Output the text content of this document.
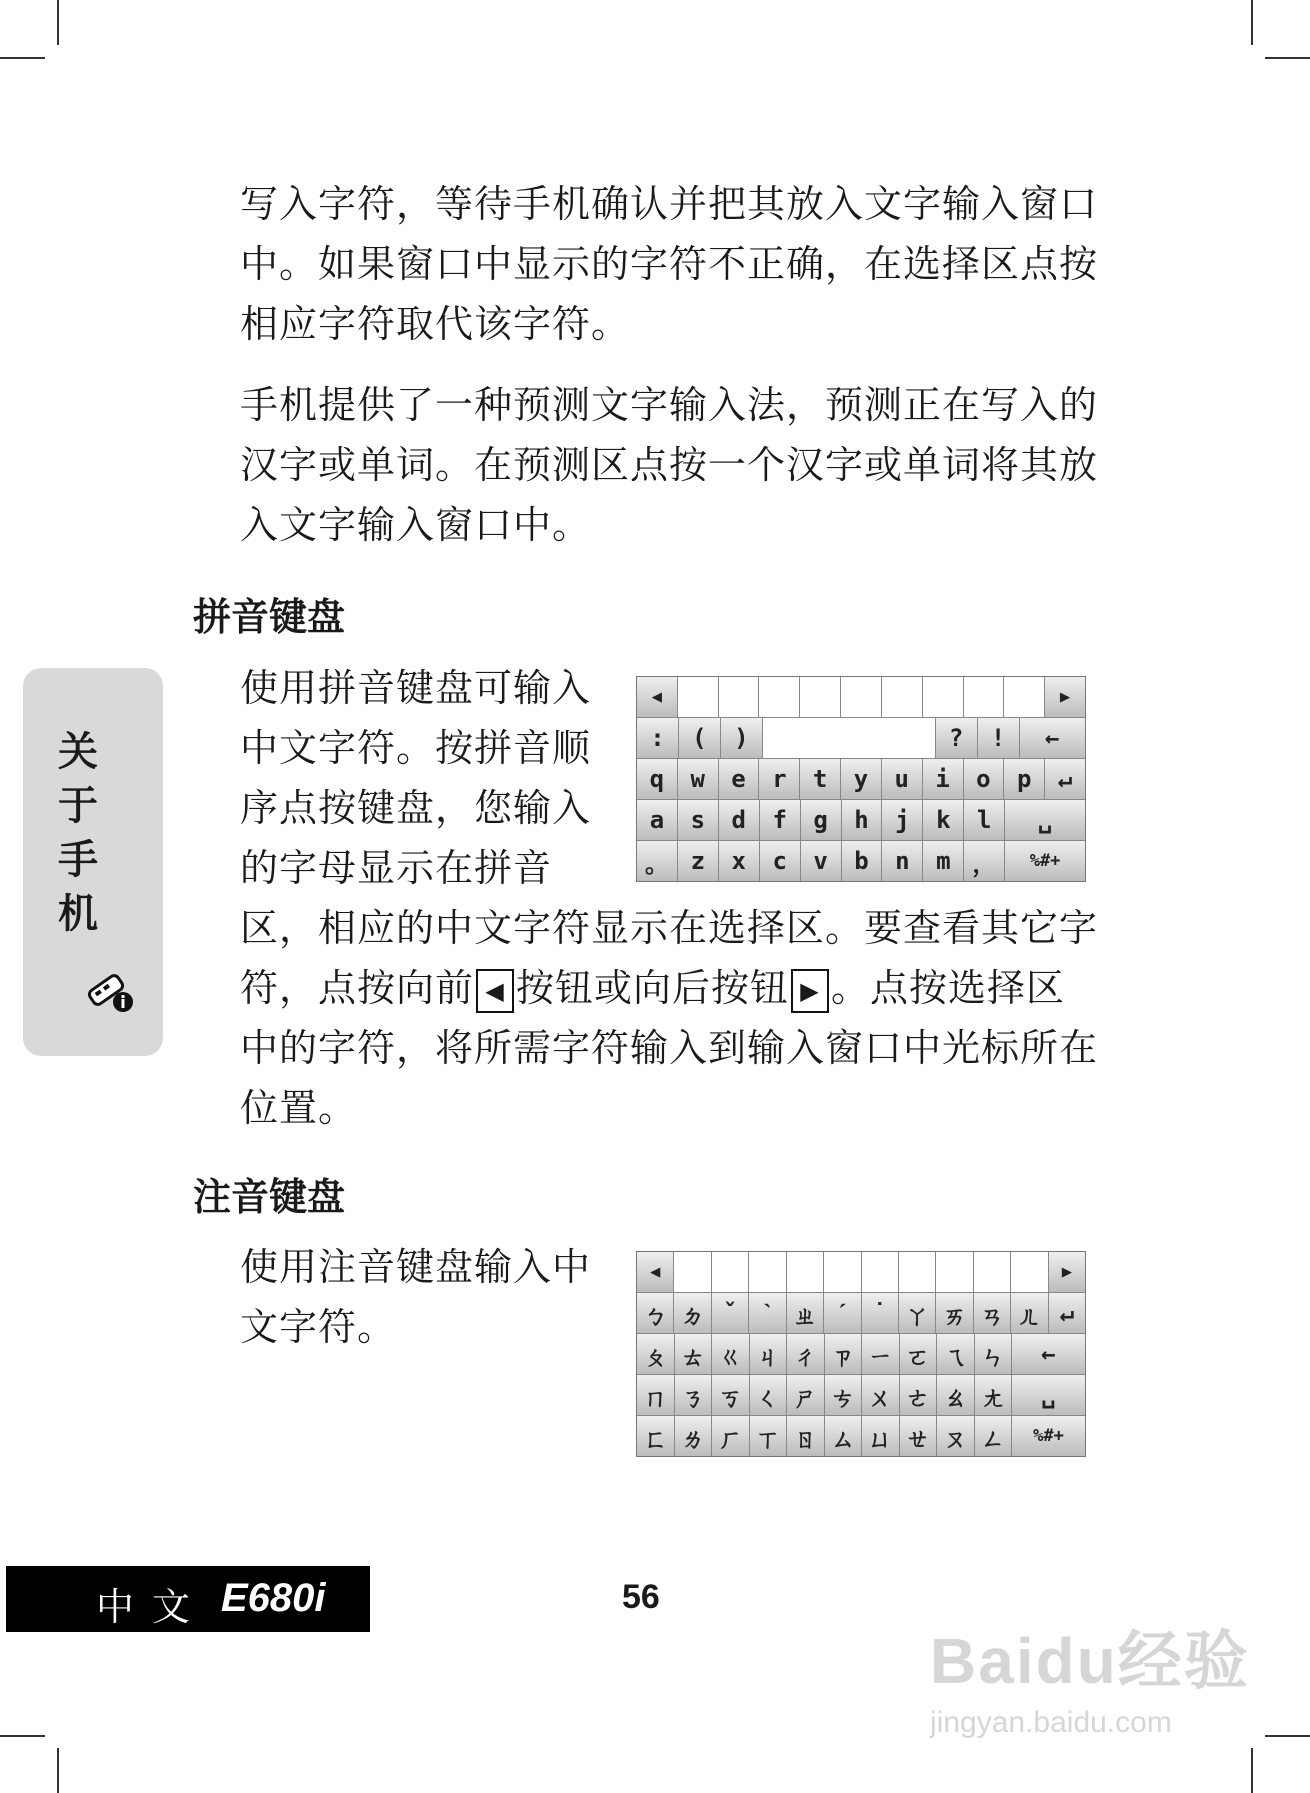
写入字符，等待手机确认并把其放入文字输入窗口
中。如果窗口中显示的字符不正确，在选择区点按
相应字符取代该字符。

手机提供了一种预测文字输入法，预测正在写入的
汉字或单词。在预测区点按一个汉字或单词将其放
入文字输入窗口中。

拼音键盘

使用拼音键盘可输入
中文字符。按拼音顺
序点按键盘，您输入
的字母显示在拼音

◀	▶
:	(	)	?	!	←
q	w	e	r	t	y	u	i	o	p	↵
a	s	d	f	g	h	j	k	l	␣
。 z	x	c	v	b	n	m ，	%#+

区，相应的中文字符显示在选择区。要查看其它字
符，点按向前 ◀ 按钮或向后按钮 ▶ 。点按选择区
中的字符，将所需字符输入到输入窗口中光标所在
位置。

关
于
手
机
注音键盘

使用注音键盘输入中
文字符。

◀	▶
ㄅ ㄉ ˇ	ˋ ㄓ ˊ	˙ ㄚ ㄞ ㄢ ㄦ ↵
ㄆ ㄊ ㄍ ㄐ ㄔ ㄗ ㄧ ㄛ ㄟ ㄣ	←
ㄇ ㄋ ㄎ ㄑ ㄕ ㄘ ㄨ ㄜ ㄠ ㄤ	␣
ㄈ ㄌ ㄏ ㄒ ㄖ ㄙ ㄩ ㄝ ㄡ ㄥ	%#+
中文 E680i	56
Baidu经验
jingyan.baidu.com
